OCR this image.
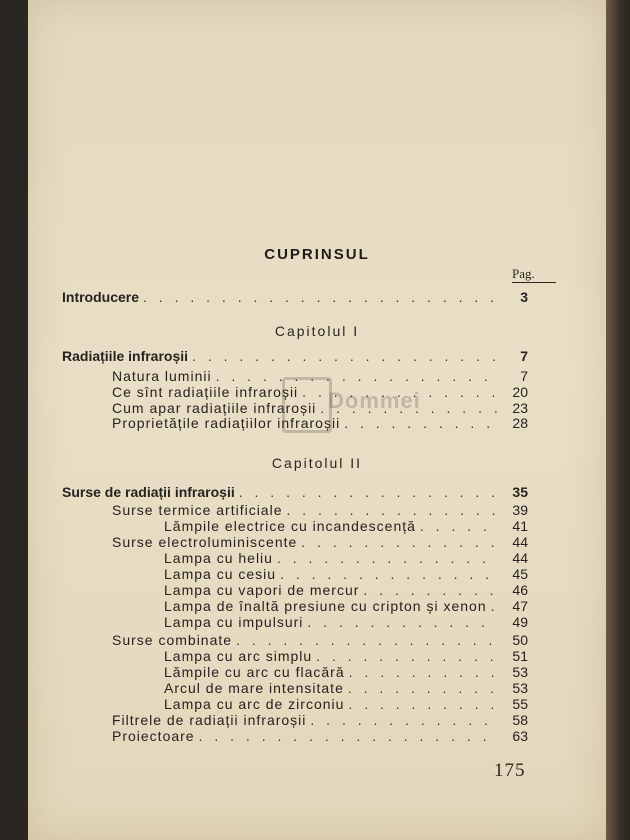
CUPRINSUL
Pag.
Capitolul I
Capitolul II
Introducere . . .	3
Radiațiile infraroșii . . .	7
Natura luminii . . .	7
Ce sînt radiațiile infraroșii . . .	20
Cum apar radiațiile infraroșii . . .	23
Proprietățile radiațiilor infraroșii . . .	28
Surse de radiații infraroșii . . .	35
Surse termice artificiale . . .	39
Lămpile electrice cu incandescență . . .	41
Surse electroluminiscente . . .	44
Lampa cu heliu . . .	44
Lampa cu cesiu . . .	45
Lampa cu vapori de mercur . . .	46
Lampa de înaltă presiune cu cripton și xenon . . .	47
Lampa cu impulsuri . . .	49
Surse combinate . . .	50
Lampa cu arc simplu . . .	51
Lămpile cu arc cu flacără . . .	53
Arcul de mare intensitate . . .	53
Lampa cu arc de zirconiu . . .	55
Filtrele de radiații infraroșii . . .	58
Proiectoare . . .	63
Dommei
175
